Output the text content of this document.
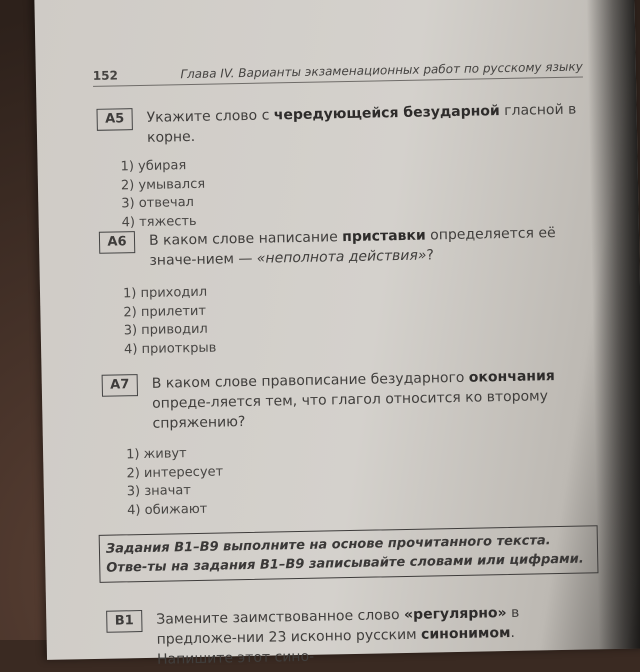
152	Глава IV. Варианты экзаменационных работ по русскому языку
A5	Укажите слово с чередующейся безударной гласной в корне.
1) убирая
2) умывался
3) отвечал
4) тяжесть
A6	В каком слове написание приставки определяется её значе-нием — «неполнота действия»?
1) приходил
2) прилетит
3) приводил
4) приоткрыв
A7	В каком слове правописание безударного окончания опреде-ляется тем, что глагол относится ко второму спряжению?
1) живут
2) интересует
3) значат
4) обижают
Задания B1–B9 выполните на основе прочитанного текста. Отве-ты на задания B1–B9 записывайте словами или цифрами.
B1	Замените заимствованное слово «регулярно» в предложе-нии 23 исконно русским синонимом. Напишите этот сино-
